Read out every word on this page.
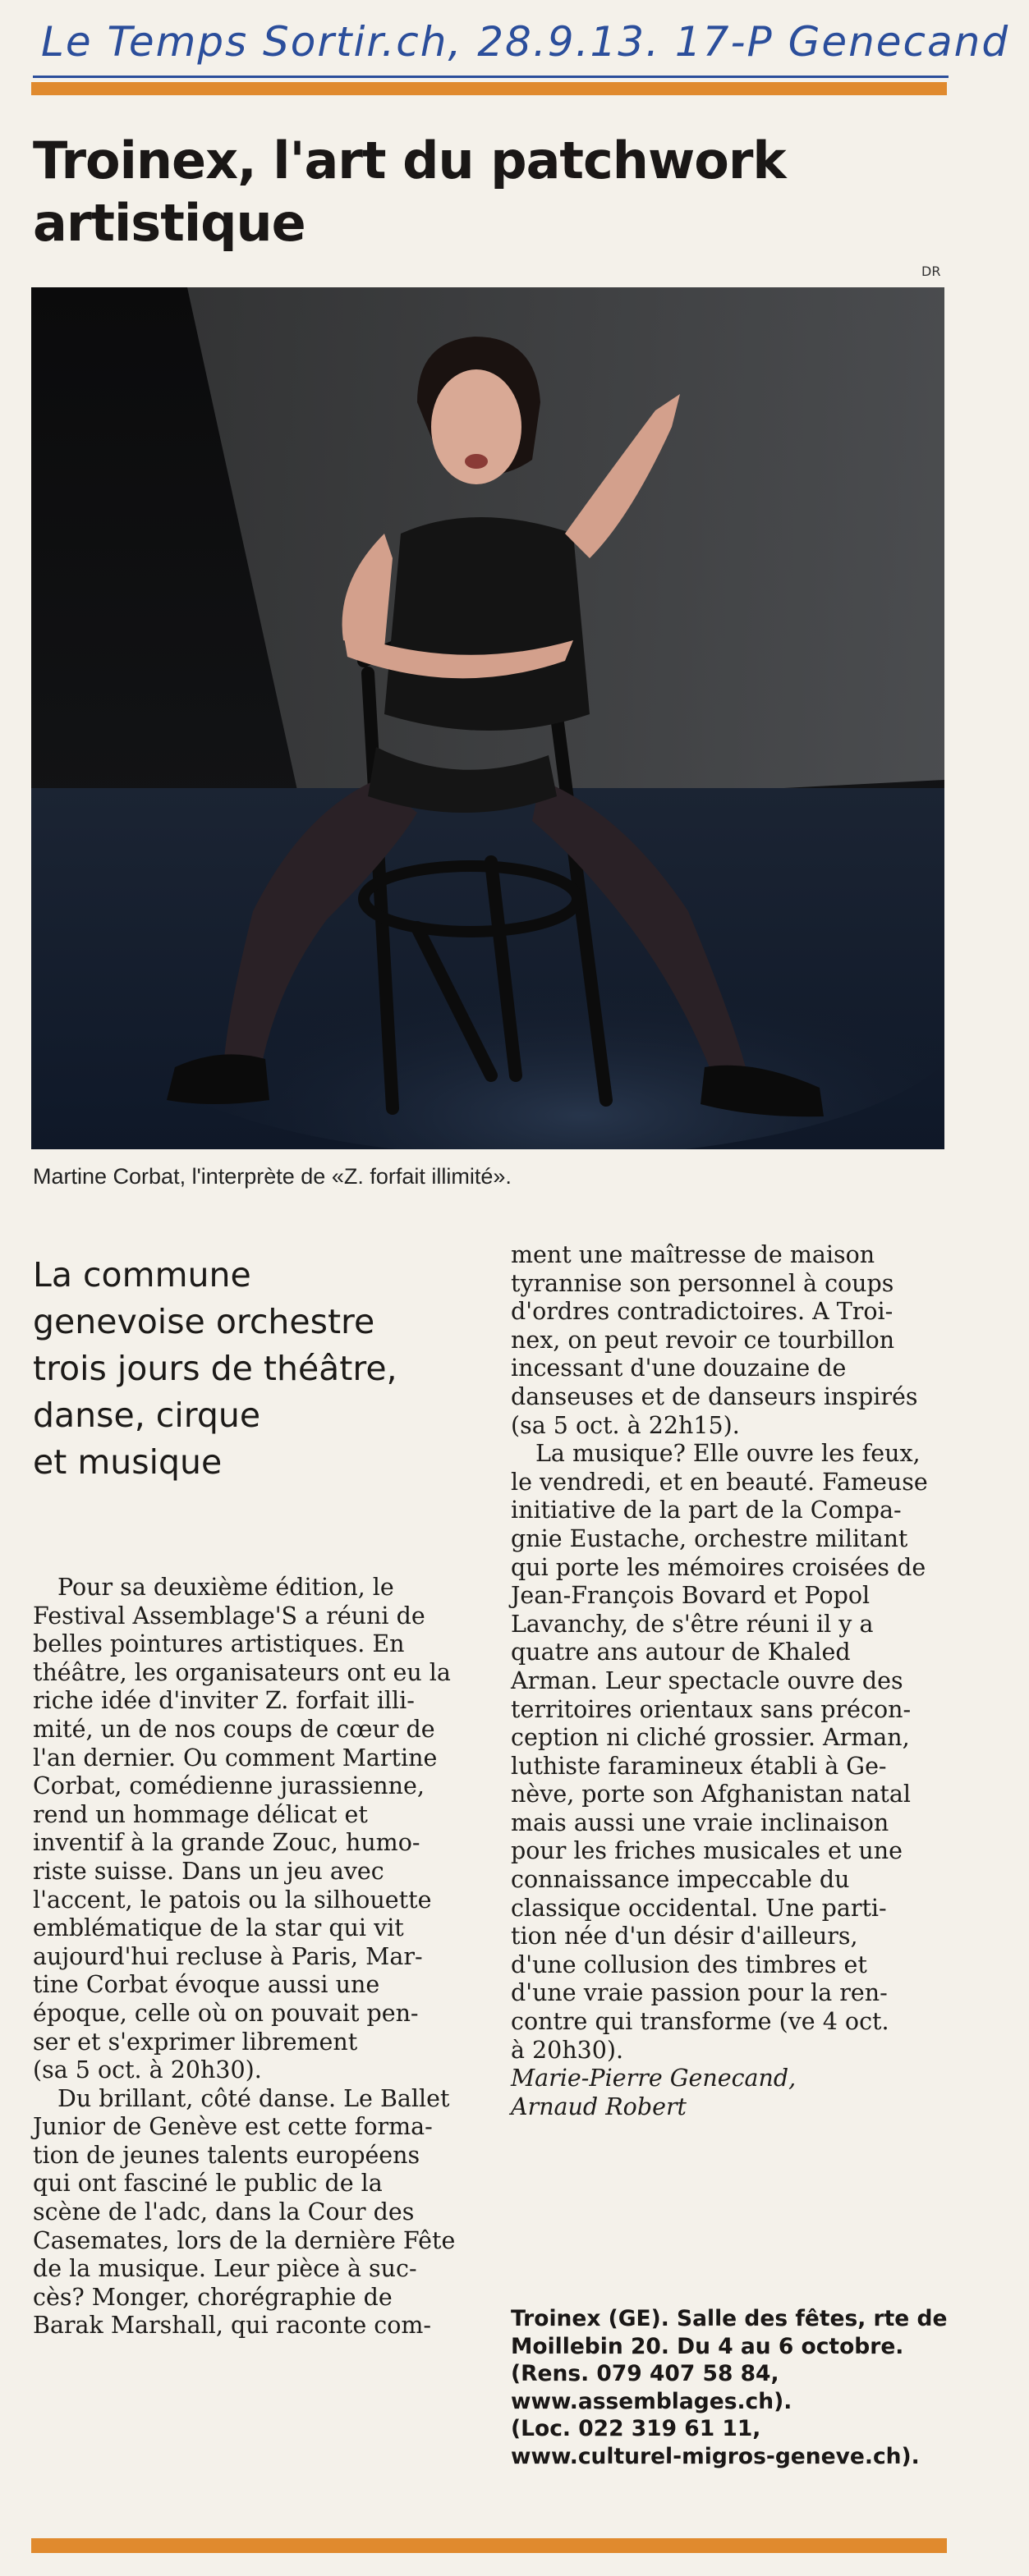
Le Temps Sortir.ch, 28.9.13. 17-P Genecand
Troinex, l'art du patchwork
artistique
DR
Martine Corbat, l'interprète de «Z. forfait illimité».
La commune
genevoise orchestre
trois jours de théâtre,
danse, cirque
et musique
Pour sa deuxième édition, le
Festival Assemblage'S a réuni de
belles pointures artistiques. En
théâtre, les organisateurs ont eu la
riche idée d'inviter Z. forfait illi-
mité, un de nos coups de cœur de
l'an dernier. Ou comment Martine
Corbat, comédienne jurassienne,
rend un hommage délicat et
inventif à la grande Zouc, humo-
riste suisse. Dans un jeu avec
l'accent, le patois ou la silhouette
emblématique de la star qui vit
aujourd'hui recluse à Paris, Mar-
tine Corbat évoque aussi une
époque, celle où on pouvait pen-
ser et s'exprimer librement
(sa 5 oct. à 20h30).
Du brillant, côté danse. Le Ballet
Junior de Genève est cette forma-
tion de jeunes talents européens
qui ont fasciné le public de la
scène de l'adc, dans la Cour des
Casemates, lors de la dernière Fête
de la musique. Leur pièce à suc-
cès? Monger, chorégraphie de
Barak Marshall, qui raconte com-
ment une maîtresse de maison
tyrannise son personnel à coups
d'ordres contradictoires. A Troi-
nex, on peut revoir ce tourbillon
incessant d'une douzaine de
danseuses et de danseurs inspirés
(sa 5 oct. à 22h15).
La musique? Elle ouvre les feux,
le vendredi, et en beauté. Fameuse
initiative de la part de la Compa-
gnie Eustache, orchestre militant
qui porte les mémoires croisées de
Jean-François Bovard et Popol
Lavanchy, de s'être réuni il y a
quatre ans autour de Khaled
Arman. Leur spectacle ouvre des
territoires orientaux sans précon-
ception ni cliché grossier. Arman,
luthiste faramineux établi à Ge-
nève, porte son Afghanistan natal
mais aussi une vraie inclinaison
pour les friches musicales et une
connaissance impeccable du
classique occidental. Une parti-
tion née d'un désir d'ailleurs,
d'une collusion des timbres et
d'une vraie passion pour la ren-
contre qui transforme (ve 4 oct.
à 20h30).
Marie-Pierre Genecand,
Arnaud Robert
Troinex (GE). Salle des fêtes, rte de
Moillebin 20. Du 4 au 6 octobre.
(Rens. 079 407 58 84,
www.assemblages.ch).
(Loc. 022 319 61 11,
www.culturel-migros-geneve.ch).
